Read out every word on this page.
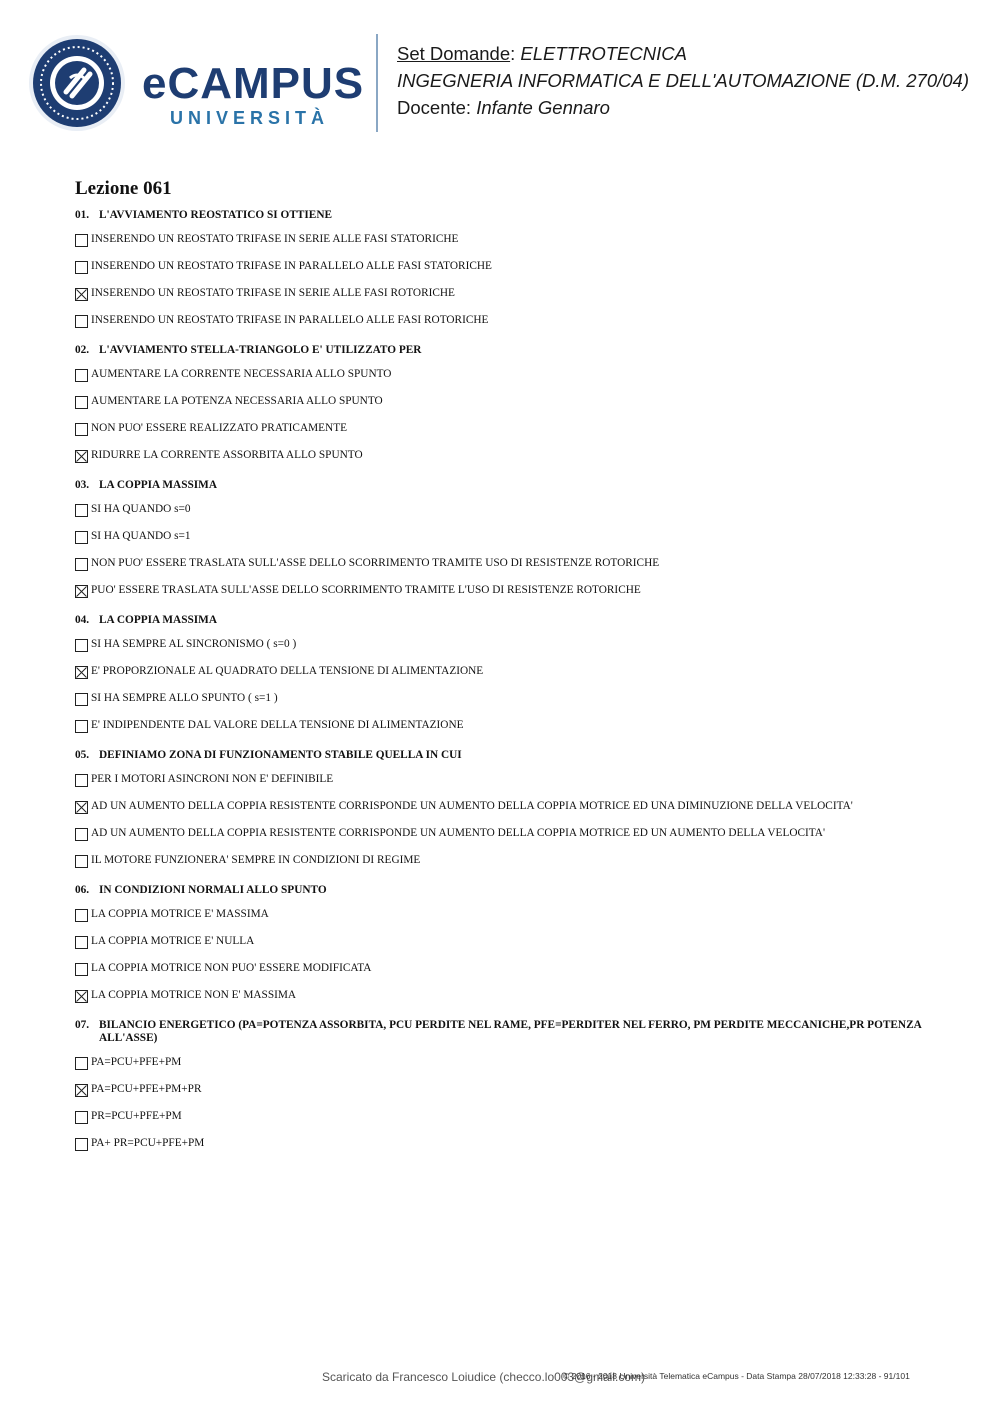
eCAMPUS
UNIVERSITÀ
Set Domande: ELETTROTECNICA
INGEGNERIA INFORMATICA E DELL'AUTOMAZIONE (D.M. 270/04)
Docente: Infante Gennaro
Lezione 061
01. L'AVVIAMENTO REOSTATICO SI OTTIENE
INSERENDO UN REOSTATO TRIFASE IN SERIE ALLE FASI STATORICHE
INSERENDO UN REOSTATO TRIFASE IN PARALLELO ALLE FASI STATORICHE
INSERENDO UN REOSTATO TRIFASE IN SERIE ALLE FASI ROTORICHE
INSERENDO UN REOSTATO TRIFASE IN PARALLELO ALLE FASI ROTORICHE
02. L'AVVIAMENTO STELLA-TRIANGOLO E' UTILIZZATO PER
AUMENTARE LA CORRENTE NECESSARIA ALLO SPUNTO
AUMENTARE LA POTENZA NECESSARIA ALLO SPUNTO
NON PUO' ESSERE REALIZZATO PRATICAMENTE
RIDURRE LA CORRENTE ASSORBITA ALLO SPUNTO
03. LA COPPIA MASSIMA
SI HA QUANDO s=0
SI HA QUANDO s=1
NON PUO' ESSERE TRASLATA SULL'ASSE DELLO SCORRIMENTO TRAMITE USO DI RESISTENZE ROTORICHE
PUO' ESSERE TRASLATA SULL'ASSE DELLO SCORRIMENTO TRAMITE L'USO DI RESISTENZE ROTORICHE
04. LA COPPIA MASSIMA
SI HA SEMPRE AL SINCRONISMO ( s=0 )
E' PROPORZIONALE AL QUADRATO DELLA TENSIONE DI ALIMENTAZIONE
SI HA SEMPRE ALLO SPUNTO ( s=1 )
E' INDIPENDENTE DAL VALORE DELLA TENSIONE DI ALIMENTAZIONE
05. DEFINIAMO ZONA DI FUNZIONAMENTO STABILE QUELLA IN CUI
PER I MOTORI ASINCRONI NON E' DEFINIBILE
AD UN AUMENTO DELLA COPPIA RESISTENTE CORRISPONDE UN AUMENTO DELLA COPPIA MOTRICE ED UNA DIMINUZIONE DELLA VELOCITA'
AD UN AUMENTO DELLA COPPIA RESISTENTE CORRISPONDE UN AUMENTO DELLA COPPIA MOTRICE ED UN AUMENTO DELLA VELOCITA'
IL MOTORE FUNZIONERA' SEMPRE IN CONDIZIONI DI REGIME
06. IN CONDIZIONI NORMALI ALLO SPUNTO
LA COPPIA MOTRICE E' MASSIMA
LA COPPIA MOTRICE E' NULLA
LA COPPIA MOTRICE NON PUO' ESSERE MODIFICATA
LA COPPIA MOTRICE NON E' MASSIMA
07. BILANCIO ENERGETICO (PA=POTENZA ASSORBITA, PCU PERDITE NEL RAME, PFE=PERDITER NEL FERRO, PM PERDITE MECCANICHE,PR POTENZA ALL'ASSE)
PA=PCU+PFE+PM
PA=PCU+PFE+PM+PR
PR=PCU+PFE+PM
PA+ PR=PCU+PFE+PM
Scaricato da Francesco Loiudice (checco.lo003@gmail.com)
© 2016 - 2018 Università Telematica eCampus - Data Stampa 28/07/2018 12:33:28 - 91/101
